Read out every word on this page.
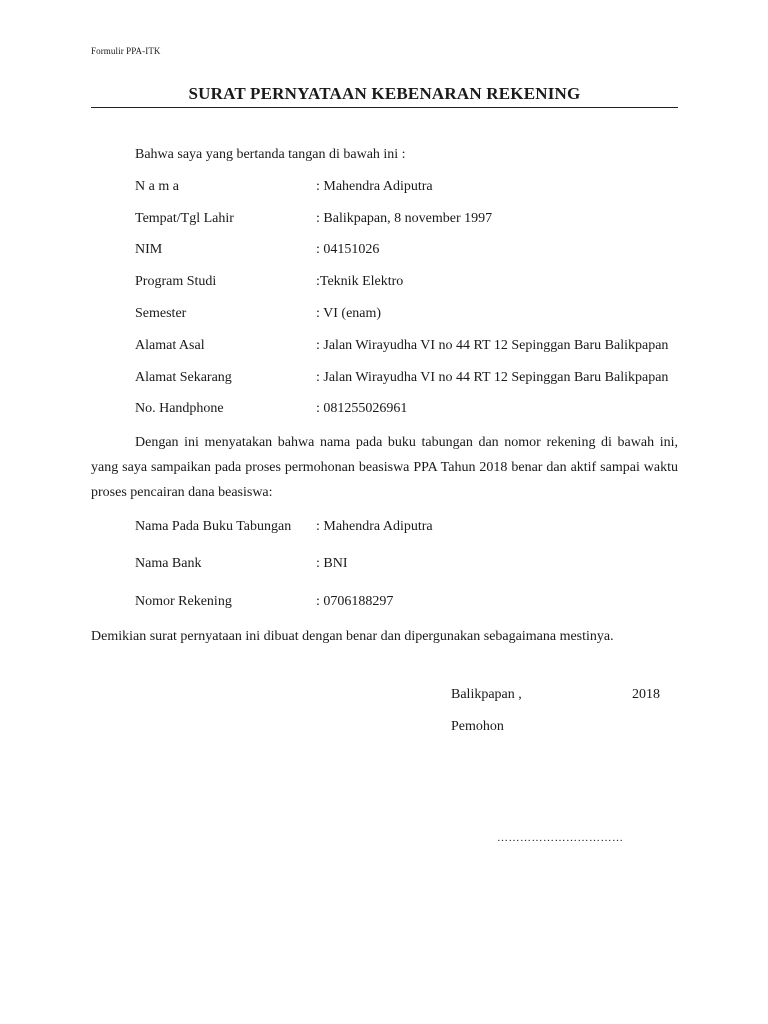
Formulir PPA-ITK
SURAT PERNYATAAN KEBENARAN REKENING
Bahwa saya yang bertanda tangan di bawah ini :
N a m a	: Mahendra Adiputra
Tempat/Tgl Lahir	: Balikpapan, 8 november 1997
NIM	: 04151026
Program Studi	:Teknik Elektro
Semester	: VI (enam)
Alamat Asal	: Jalan Wirayudha VI no 44 RT 12 Sepinggan Baru Balikpapan
Alamat Sekarang	: Jalan Wirayudha VI no 44 RT 12 Sepinggan Baru Balikpapan
No. Handphone	: 081255026961
Dengan ini menyatakan bahwa nama pada buku tabungan dan nomor rekening di bawah ini, yang saya sampaikan pada proses permohonan beasiswa PPA Tahun 2018 benar dan aktif sampai waktu proses pencairan dana beasiswa:
Nama Pada Buku Tabungan : Mahendra Adiputra
Nama Bank	: BNI
Nomor Rekening	: 0706188297
Demikian surat pernyataan ini dibuat dengan benar dan dipergunakan sebagaimana mestinya.
Balikpapan ,	2018
Pemohon
……………………………
